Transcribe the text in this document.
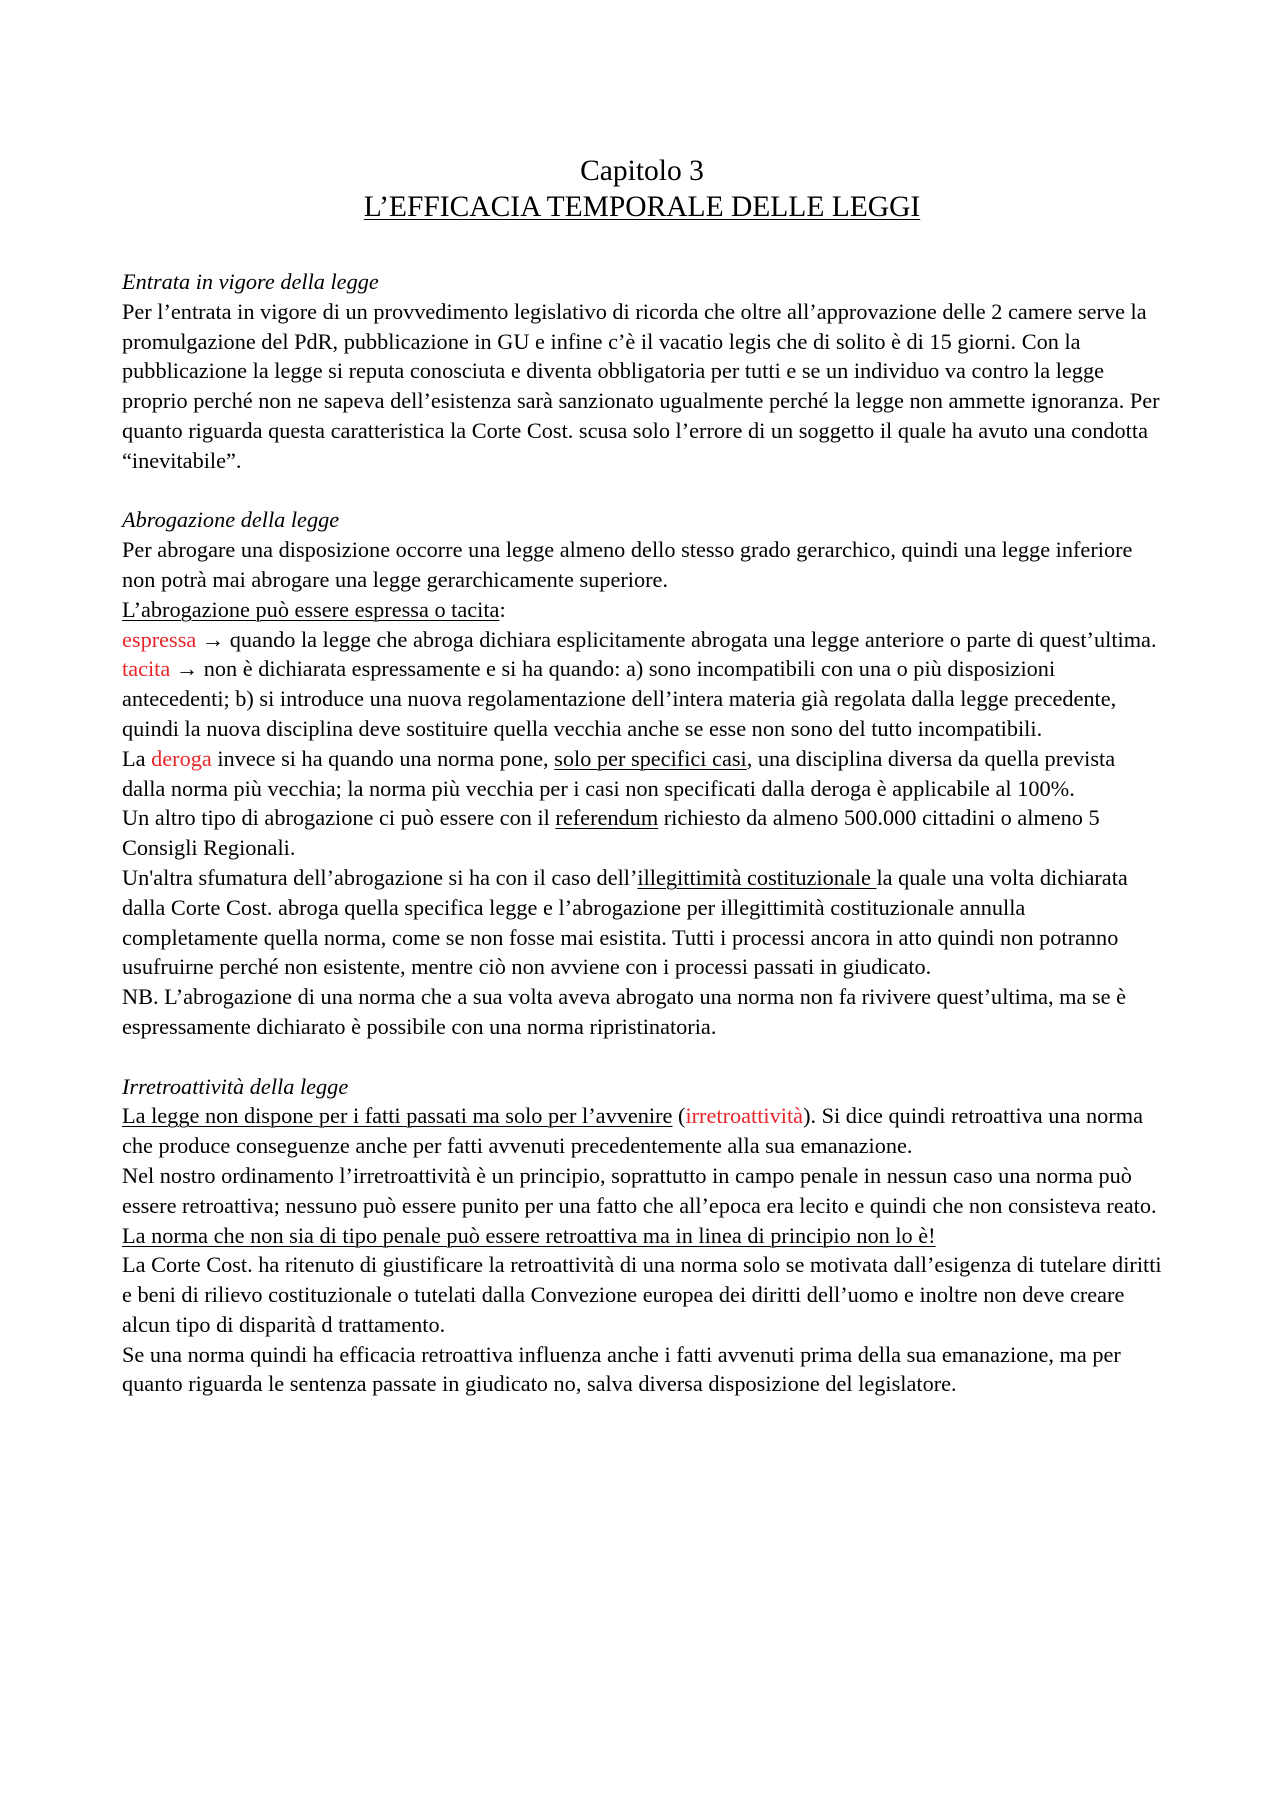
Capitolo 3
L’EFFICACIA TEMPORALE DELLE LEGGI

Entrata in vigore della legge

Per l’entrata in vigore di un provvedimento legislativo di ricorda che oltre all’approvazione delle 2 camere serve la promulgazione del PdR, pubblicazione in GU e infine c’è il vacatio legis che di solito è di 15 giorni. Con la pubblicazione la legge si reputa conosciuta e diventa obbligatoria per tutti e se un individuo va contro la legge proprio perché non ne sapeva dell’esistenza sarà sanzionato ugualmente perché la legge non ammette ignoranza. Per quanto riguarda questa caratteristica la Corte Cost. scusa solo l’errore di un soggetto il quale ha avuto una condotta “inevitabile”.

Abrogazione della legge

Per abrogare una disposizione occorre una legge almeno dello stesso grado gerarchico, quindi una legge inferiore non potrà mai abrogare una legge gerarchicamente superiore.

L’abrogazione può essere espressa o tacita:

espressa → quando la legge che abroga dichiara esplicitamente abrogata una legge anteriore o parte di quest’ultima.

tacita → non è dichiarata espressamente e si ha quando: a) sono incompatibili con una o più disposizioni antecedenti; b) si introduce una nuova regolamentazione dell’intera materia già regolata dalla legge precedente, quindi la nuova disciplina deve sostituire quella vecchia anche se esse non sono del tutto incompatibili.

La deroga invece si ha quando una norma pone, solo per specifici casi, una disciplina diversa da quella prevista dalla norma più vecchia; la norma più vecchia per i casi non specificati dalla deroga è applicabile al 100%.

Un altro tipo di abrogazione ci può essere con il referendum richiesto da almeno 500.000 cittadini o almeno 5 Consigli Regionali.

Un'altra sfumatura dell’abrogazione si ha con il caso dell’illegittimità costituzionale la quale una volta dichiarata dalla Corte Cost. abroga quella specifica legge e l’abrogazione per illegittimità costituzionale annulla completamente quella norma, come se non fosse mai esistita. Tutti i processi ancora in atto quindi non potranno usufruirne perché non esistente, mentre ciò non avviene con i processi passati in giudicato.

NB. L’abrogazione di una norma che a sua volta aveva abrogato una norma non fa rivivere quest’ultima, ma se è espressamente dichiarato è possibile con una norma ripristinatoria.

Irretroattività della legge

La legge non dispone per i fatti passati ma solo per l’avvenire (irretroattività). Si dice quindi retroattiva una norma che produce conseguenze anche per fatti avvenuti precedentemente alla sua emanazione.

Nel nostro ordinamento l’irretroattività è un principio, soprattutto in campo penale in nessun caso una norma può essere retroattiva; nessuno può essere punito per una fatto che all’epoca era lecito e quindi che non consisteva reato.

La norma che non sia di tipo penale può essere retroattiva ma in linea di principio non lo è!

La Corte Cost. ha ritenuto di giustificare la retroattività di una norma solo se motivata dall’esigenza di tutelare diritti e beni di rilievo costituzionale o tutelati dalla Convezione europea dei diritti dell’uomo e inoltre non deve creare alcun tipo di disparità d trattamento.

Se una norma quindi ha efficacia retroattiva influenza anche i fatti avvenuti prima della sua emanazione, ma per quanto riguarda le sentenza passate in giudicato no, salva diversa disposizione del legislatore.
